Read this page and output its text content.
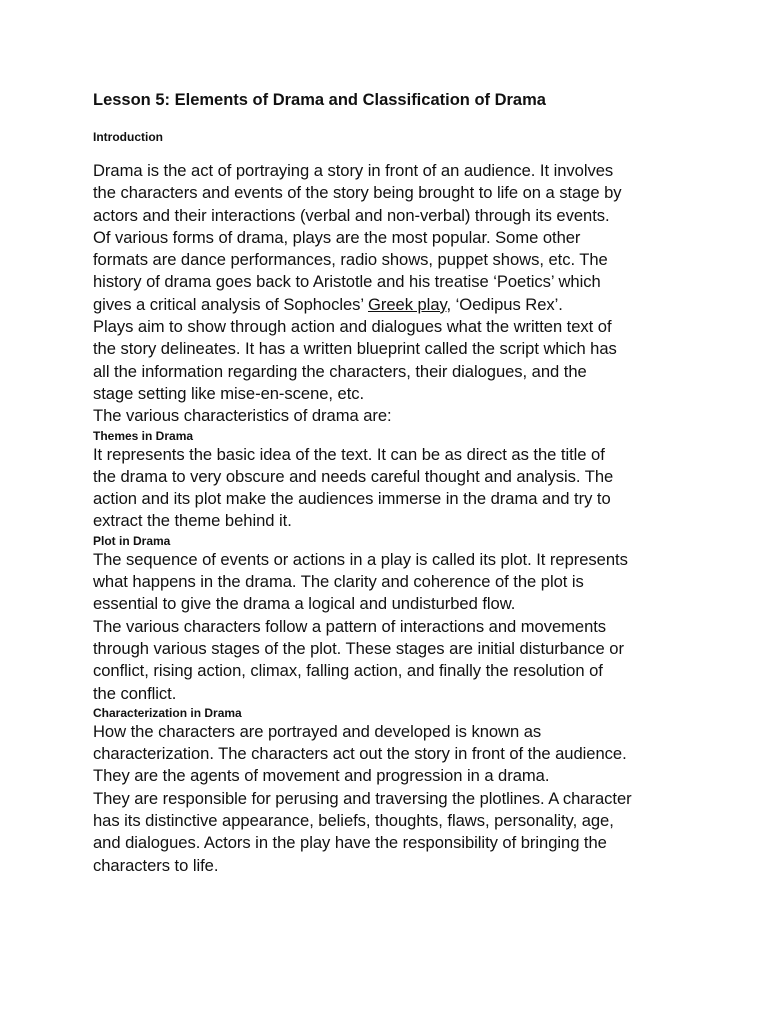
Lesson 5: Elements of Drama and Classification of Drama
Introduction

Drama is the act of portraying a story in front of an audience. It involves
the characters and events of the story being brought to life on a stage by
actors and their interactions (verbal and non-verbal) through its events.
Of various forms of drama, plays are the most popular. Some other
formats are dance performances, radio shows, puppet shows, etc. The
history of drama goes back to Aristotle and his treatise ‘Poetics’ which
gives a critical analysis of Sophocles’ Greek play, ‘Oedipus Rex’.

Plays aim to show through action and dialogues what the written text of
the story delineates. It has a written blueprint called the script which has
all the information regarding the characters, their dialogues, and the
stage setting like mise-en-scene, etc.
The various characteristics of drama are:

Themes in Drama

It represents the basic idea of the text. It can be as direct as the title of
the drama to very obscure and needs careful thought and analysis. The
action and its plot make the audiences immerse in the drama and try to
extract the theme behind it.

Plot in Drama

The sequence of events or actions in a play is called its plot. It represents
what happens in the drama. The clarity and coherence of the plot is
essential to give the drama a logical and undisturbed flow.

The various characters follow a pattern of interactions and movements
through various stages of the plot. These stages are initial disturbance or
conflict, rising action, climax, falling action, and finally the resolution of
the conflict.

Characterization in Drama

How the characters are portrayed and developed is known as
characterization. The characters act out the story in front of the audience.
They are the agents of movement and progression in a drama.

They are responsible for perusing and traversing the plotlines. A character
has its distinctive appearance, beliefs, thoughts, flaws, personality, age,
and dialogues. Actors in the play have the responsibility of bringing the
characters to life.
